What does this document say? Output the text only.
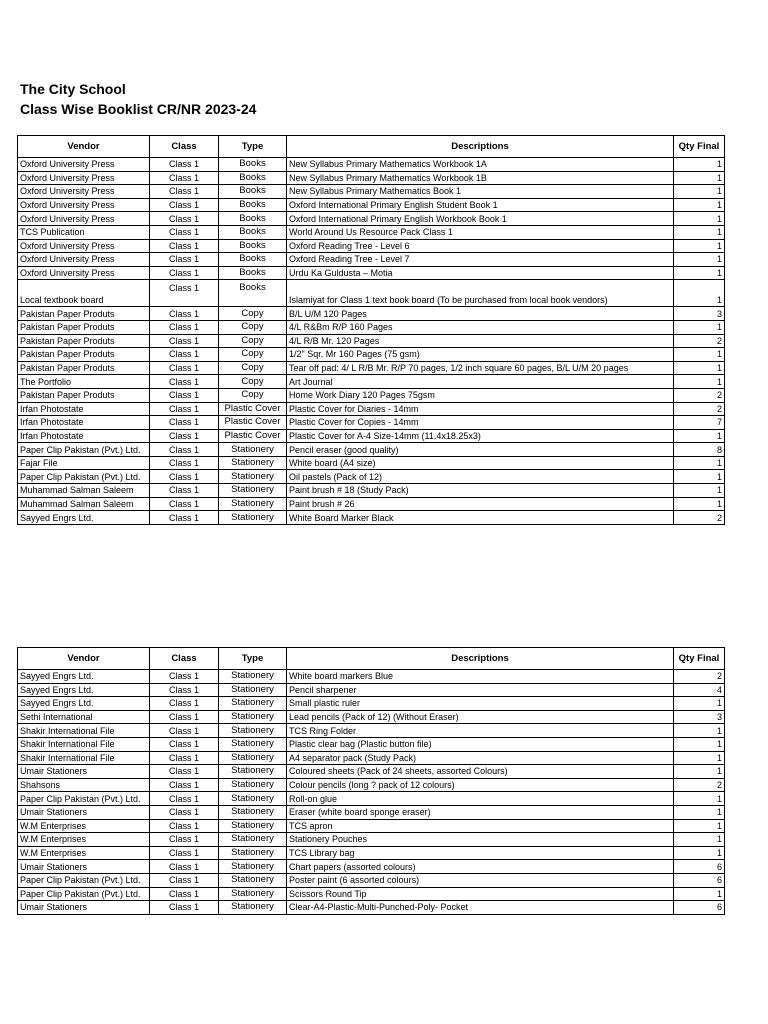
The City School
Class Wise Booklist CR/NR 2023-24
Vendor	Class	Type	Descriptions	Qty Final
Oxford University Press	Class 1	Books	New Syllabus Primary Mathematics Workbook 1A	1
Oxford University Press	Class 1	Books	New Syllabus Primary Mathematics Workbook 1B	1
Oxford University Press	Class 1	Books	New Syllabus Primary Mathematics Book 1	1
Oxford University Press	Class 1	Books	Oxford International Primary English Student Book 1	1
Oxford University Press	Class 1	Books	Oxford International Primary English Workbook Book 1	1
TCS Publication	Class 1	Books	World Around Us Resource Pack Class 1	1
Oxford University Press	Class 1	Books	Oxford Reading Tree - Level 6	1
Oxford University Press	Class 1	Books	Oxford Reading Tree - Level 7	1
Oxford University Press	Class 1	Books	Urdu Ka Guldusta – Motia	1
Local textbook board	Class 1	Books	Islamiyat for Class 1 text book board (To be purchased from local book vendors)	1
Pakistan Paper Produts	Class 1	Copy	B/L U/M 120 Pages	3
Pakistan Paper Produts	Class 1	Copy	4/L R&Bm R/P 160 Pages	1
Pakistan Paper Produts	Class 1	Copy	4/L R/B Mr. 120 Pages	2
Pakistan Paper Produts	Class 1	Copy	1/2" Sqr. Mr 160 Pages (75 gsm)	1
Pakistan Paper Produts	Class 1	Copy	Tear off pad: 4/ L R/B Mr. R/P 70 pages, 1/2 inch square 60 pages, B/L U/M 20 pages	1
The Portfolio	Class 1	Copy	Art Journal	1
Pakistan Paper Produts	Class 1	Copy	Home Work Diary 120 Pages 75gsm	2
Irfan Photostate	Class 1	Plastic Cover	Plastic Cover for Diaries - 14mm	2
Irfan Photostate	Class 1	Plastic Cover	Plastic Cover for Copies - 14mm	7
Irfan Photostate	Class 1	Plastic Cover	Plastic Cover for A-4 Size-14mm (11.4x18.25x3)	1
Paper Clip Pakistan (Pvt.) Ltd.	Class 1	Stationery	Pencil eraser (good quality)	8
Fajar File	Class 1	Stationery	White board (A4 size)	1
Paper Clip Pakistan (Pvt.) Ltd.	Class 1	Stationery	Oil pastels (Pack of 12)	1
Muhammad Salman Saleem	Class 1	Stationery	Paint brush # 18 (Study Pack)	1
Muhammad Salman Saleem	Class 1	Stationery	Paint brush # 26	1
Sayyed Engrs Ltd.	Class 1	Stationery	White Board Marker Black	2
Vendor	Class	Type	Descriptions	Qty Final
Sayyed Engrs Ltd.	Class 1	Stationery	White board markers Blue	2
Sayyed Engrs Ltd.	Class 1	Stationery	Pencil sharpener	4
Sayyed Engrs Ltd.	Class 1	Stationery	Small plastic ruler	1
Sethi International	Class 1	Stationery	Lead pencils (Pack of 12) (Without Eraser)	3
Shakir International File	Class 1	Stationery	TCS Ring Folder	1
Shakir International File	Class 1	Stationery	Plastic clear bag (Plastic button file)	1
Shakir International File	Class 1	Stationery	A4 separator pack (Study Pack)	1
Umair Stationers	Class 1	Stationery	Coloured sheets (Pack of 24 sheets, assorted Colours)	1
Shahsons	Class 1	Stationery	Colour pencils (long ? pack of 12 colours)	2
Paper Clip Pakistan (Pvt.) Ltd.	Class 1	Stationery	Roll-on glue	1
Umair Stationers	Class 1	Stationery	Eraser (white board sponge eraser)	1
W.M Enterprises	Class 1	Stationery	TCS apron	1
W.M Enterprises	Class 1	Stationery	Stationery Pouches	1
W.M Enterprises	Class 1	Stationery	TCS Library bag	1
Umair Stationers	Class 1	Stationery	Chart papers (assorted colours)	6
Paper Clip Pakistan (Pvt.) Ltd.	Class 1	Stationery	Poster paint (6 assorted colours)	6
Paper Clip Pakistan (Pvt.) Ltd.	Class 1	Stationery	Scissors Round Tip	1
Umair Stationers	Class 1	Stationery	Clear-A4-Plastic-Multi-Punched-Poly- Pocket	6
